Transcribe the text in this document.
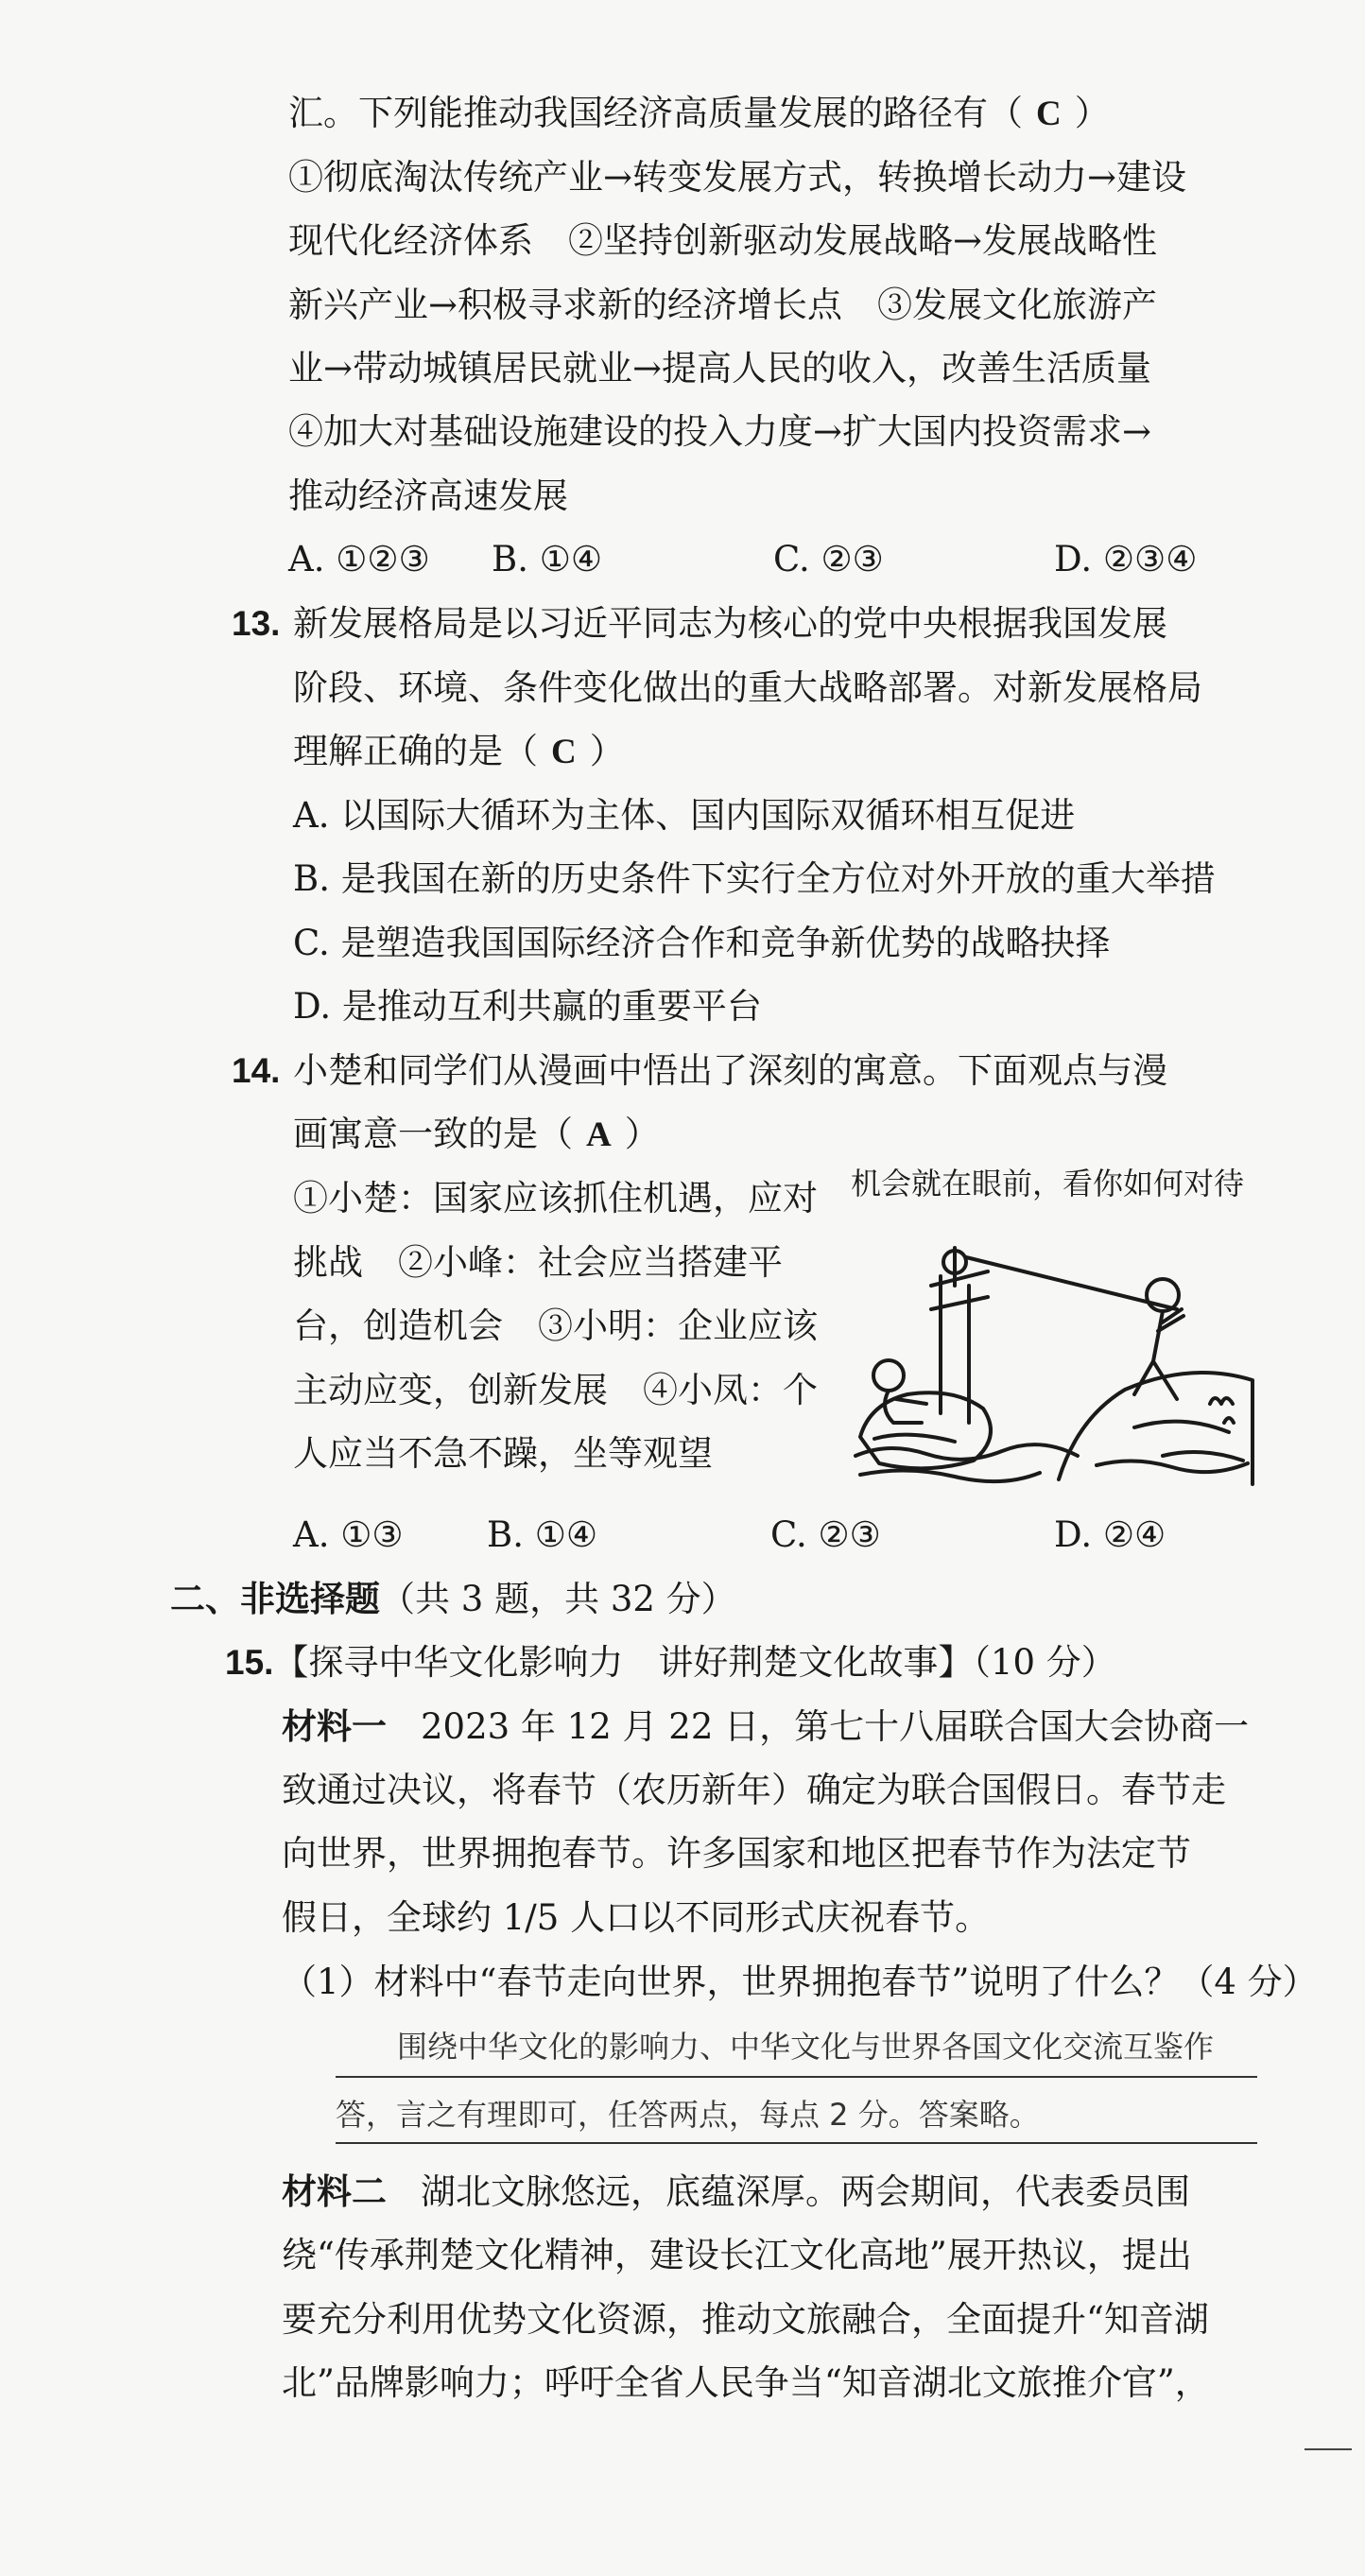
汇。下列能推动我国经济高质量发展的路径有（ C ）
①彻底淘汰传统产业→转变发展方式，转换增长动力→建设
现代化经济体系　②坚持创新驱动发展战略→发展战略性
新兴产业→积极寻求新的经济增长点　③发展文化旅游产
业→带动城镇居民就业→提高人民的收入，改善生活质量
④加大对基础设施建设的投入力度→扩大国内投资需求→
推动经济高速发展
A. ①②③ B. ①④	C. ②③	D. ②③④
13. 新发展格局是以习近平同志为核心的党中央根据我国发展
阶段、环境、条件变化做出的重大战略部署。对新发展格局
理解正确的是（ C ）
A. 以国际大循环为主体、国内国际双循环相互促进
B. 是我国在新的历史条件下实行全方位对外开放的重大举措
C. 是塑造我国国际经济合作和竞争新优势的战略抉择
D. 是推动互利共赢的重要平台
14. 小楚和同学们从漫画中悟出了深刻的寓意。下面观点与漫
画寓意一致的是（ A ）
①小楚：国家应该抓住机遇，应对
挑战　②小峰：社会应当搭建平
台，创造机会　③小明：企业应该
主动应变，创新发展　④小凤：个
人应当不急不躁，坐等观望
机会就在眼前，看你如何对待
A. ①③ B. ①④	C. ②③	D. ②④
二、非选择题（共 3 题，共 32 分）
15.【探寻中华文化影响力　讲好荆楚文化故事】（10 分）
材料一 2023 年 12 月 22 日，第七十八届联合国大会协商一
致通过决议，将春节（农历新年）确定为联合国假日。春节走
向世界，世界拥抱春节。许多国家和地区把春节作为法定节
假日，全球约 1/5 人口以不同形式庆祝春节。
（1）材料中“春节走向世界，世界拥抱春节”说明了什么？（4 分）
围绕中华文化的影响力、中华文化与世界各国文化交流互鉴作
答，言之有理即可，任答两点，每点 2 分。答案略。
材料二 湖北文脉悠远，底蕴深厚。两会期间，代表委员围
绕“传承荆楚文化精神，建设长江文化高地”展开热议，提出
要充分利用优势文化资源，推动文旅融合，全面提升“知音湖
北”品牌影响力；呼吁全省人民争当“知音湖北文旅推介官”，
